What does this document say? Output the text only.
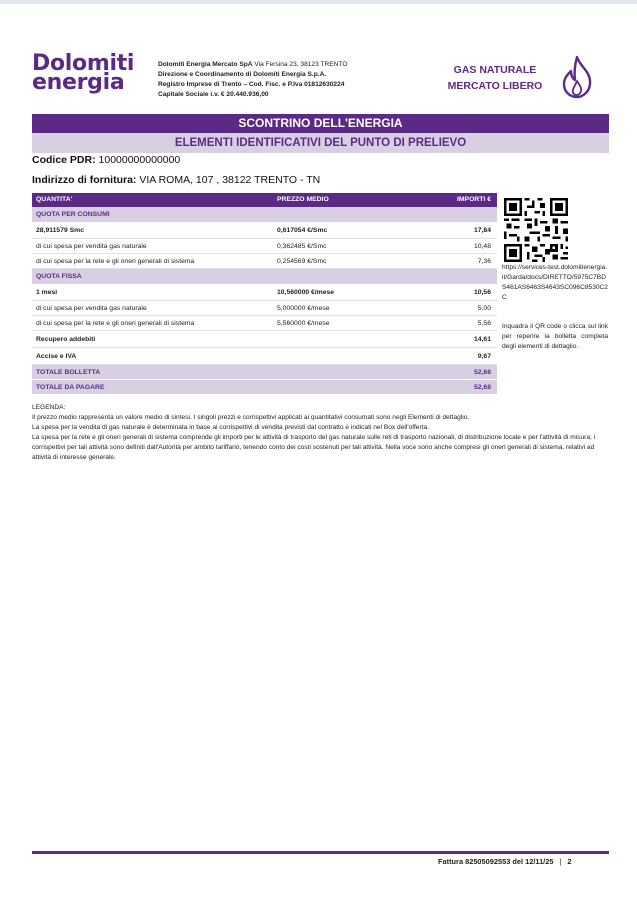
Dolomiti
energia
Dolomiti Energia Mercato SpA Via Fersina 23, 38123 TRENTO
Direzione e Coordinamento di Dolomiti Energia S.p.A.
Registro Imprese di Trento – Cod. Fisc. e P.Iva 01812630224
Capitale Sociale i.v. € 20.440.936,00
GAS NATURALE
MERCATO LIBERO
SCONTRINO DELL'ENERGIA
ELEMENTI IDENTIFICATIVI DEL PUNTO DI PRELIEVO
Codice PDR: 10000000000000
Indirizzo di fornitura: VIA ROMA, 107 , 38122 TRENTO - TN
QUANTITA'	PREZZO MEDIO	IMPORTI €
QUOTA PER CONSUMI
28,911579 Smc	0,617054 €/Smc	17,84
di cui spesa per vendita gas naturale	0,362485 €/Smc	10,48
di cui spesa per la rete e gli oneri generali di sistema	0,254569 €/Smc	7,36
QUOTA FISSA
1 mesi	10,560000 €/mese	10,56
di cui spesa per vendita gas naturale	5,000000 €/mese	5,00
di cui spesa per la rete e gli oneri generali di sistema	5,560000 €/mese	5,56
Recupero addebiti	14,61
Accise e IVA	9,67
TOTALE BOLLETTA	52,68
TOTALE DA PAGARE	52,68
https://services-test.dolomitienergia.it/Garda/docs/DIRETTO/5975C7BDS461AS6463S4643SC096C8530C2C
Inquadra il QR code o clicca sul link per reperire la bolletta completa degli elementi di dettaglio.
LEGENDA:
Il prezzo medio rappresenta un valore medio di sintesi. I singoli prezzi e corrispettivi applicati ai quantitativi consumati sono negli Elementi di dettaglio.
La spesa per la vendita di gas naturale è determinata in base ai corrispettivi di vendita previsti dal contratto e indicati nel Box dell'offerta.
La spesa per la rete e gli oneri generali di sistema comprende gli importi per le attività di trasporto del gas naturale sulle reti di trasporto nazionali, di distribuzione locale e per l'attività di misura; i corrispettivi per tali attività sono definiti dall'Autorità per ambito tariffario, tenendo conto dei costi sostenuti per tali attività. Nella voce sono anche compresi gli oneri generali di sistema, relativi ad attività di interesse generale.
Fattura 82505092553 del 12/11/25 | 2
